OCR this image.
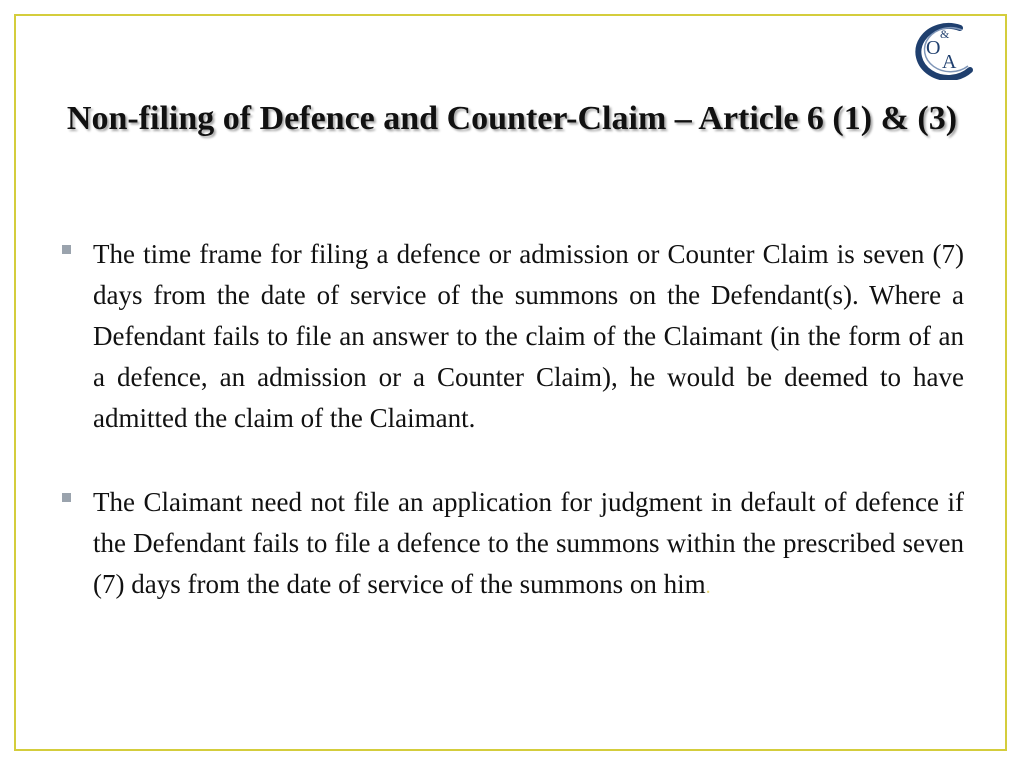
&
O
A
Non-filing of Defence and Counter-Claim – Article 6 (1) & (3)

The time frame for filing a defence or admission or Counter Claim is seven (7) days from the date of service of the summons on the Defendant(s). Where a Defendant fails to file an answer to the claim of the Claimant (in the form of an a defence, an admission or a Counter Claim), he would be deemed to have admitted the claim of the Claimant.

The Claimant need not file an application for judgment in default of defence if the Defendant fails to file a defence to the summons within the prescribed seven (7) days from the date of service of the summons on him.
